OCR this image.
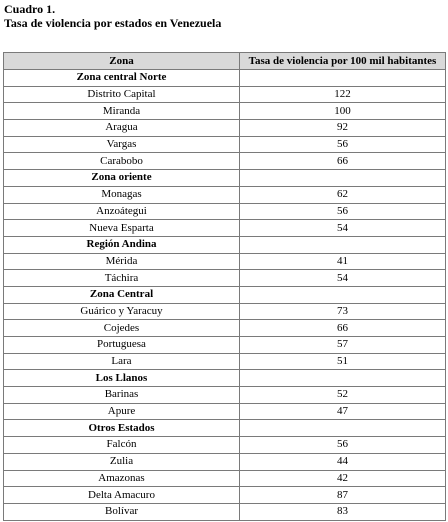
Cuadro 1.
Tasa de violencia por estados en Venezuela
Zona	Tasa de violencia por 100 mil habitantes
Zona central Norte	
Distrito Capital	122
Miranda	100
Aragua	92
Vargas	56
Carabobo	66
Zona oriente	
Monagas	62
Anzoátegui	56
Nueva Esparta	54
Región Andina	
Mérida	41
Táchira	54
Zona Central	
Guárico y Yaracuy	73
Cojedes	66
Portuguesa	57
Lara	51
Los Llanos	
Barinas	52
Apure	47
Otros Estados	
Falcón	56
Zulia	44
Amazonas	42
Delta Amacuro	87
Bolívar	83
